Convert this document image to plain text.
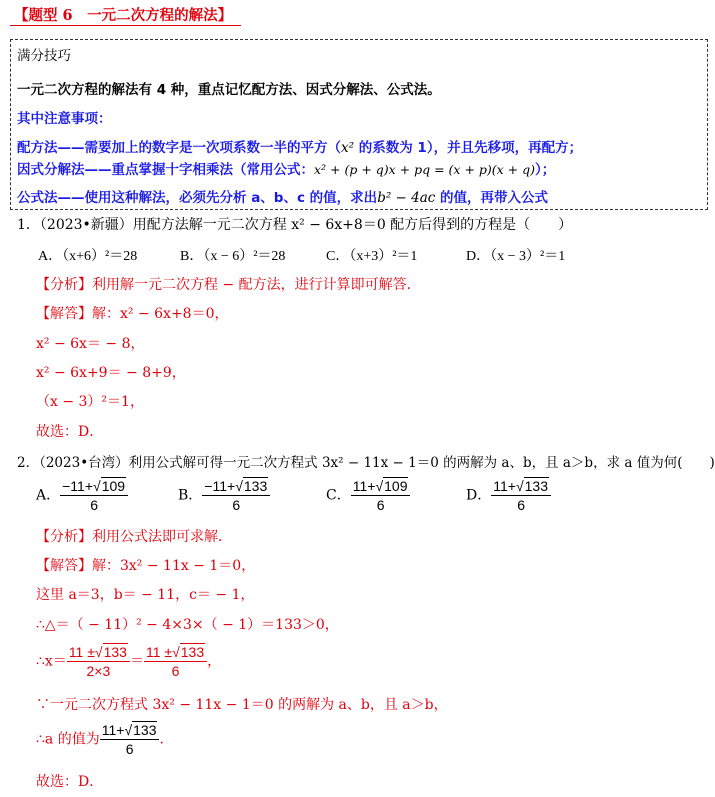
【题型 6　一元二次方程的解法】
满分技巧
一元二次方程的解法有 4 种，重点记忆配方法、因式分解法、公式法。
其中注意事项：
配方法——需要加上的数字是一次项系数一半的平方（x² 的系数为 1），并且先移项，再配方；
因式分解法——重点掌握十字相乘法（常用公式：x² + (p + q)x + pq = (x + p)(x + q)）；
公式法——使用这种解法，必须先分析 a、b、c 的值，求出b² − 4ac 的值，再带入公式
1．（2023•新疆）用配方法解一元二次方程 x² − 6x+8＝0 配方后得到的方程是（　　）
A．（x+6）²＝28	B．（x − 6）²＝28	C．（x+3）²＝1	D．（x − 3）²＝1
【分析】利用解一元二次方程 − 配方法，进行计算即可解答．
【解答】解：x² − 6x+8＝0，
x² − 6x＝ − 8，
x² − 6x+9＝ − 8+9，
（x − 3）²＝1，
故选：D．
2．（2023•台湾）利用公式解可得一元二次方程式 3x² − 11x − 1＝0 的两解为 a、b，且 a＞b，求 a 值为何(　　)
A． $\frac{-11+√109}{6}$	B． $\frac{-11+√133}{6}$	C． $\frac{11+√109}{6}$	D． $\frac{11+√133}{6}$
【分析】利用公式法即可求解．
【解答】解：3x² − 11x − 1＝0，
这里 a＝3，b＝ − 11，c＝ − 1，
∴△＝（ − 11）² − 4×3×（ − 1）＝133＞0，
∴x＝ $\frac{11 \pm√133}{2\times 3} = \frac{11 \pm√133}{6}$ ，
∵一元二次方程式 3x² − 11x − 1＝0 的两解为 a、b，且 a＞b，
∴a 的值为 $\frac{11+√133}{6}$ ．
故选：D．
